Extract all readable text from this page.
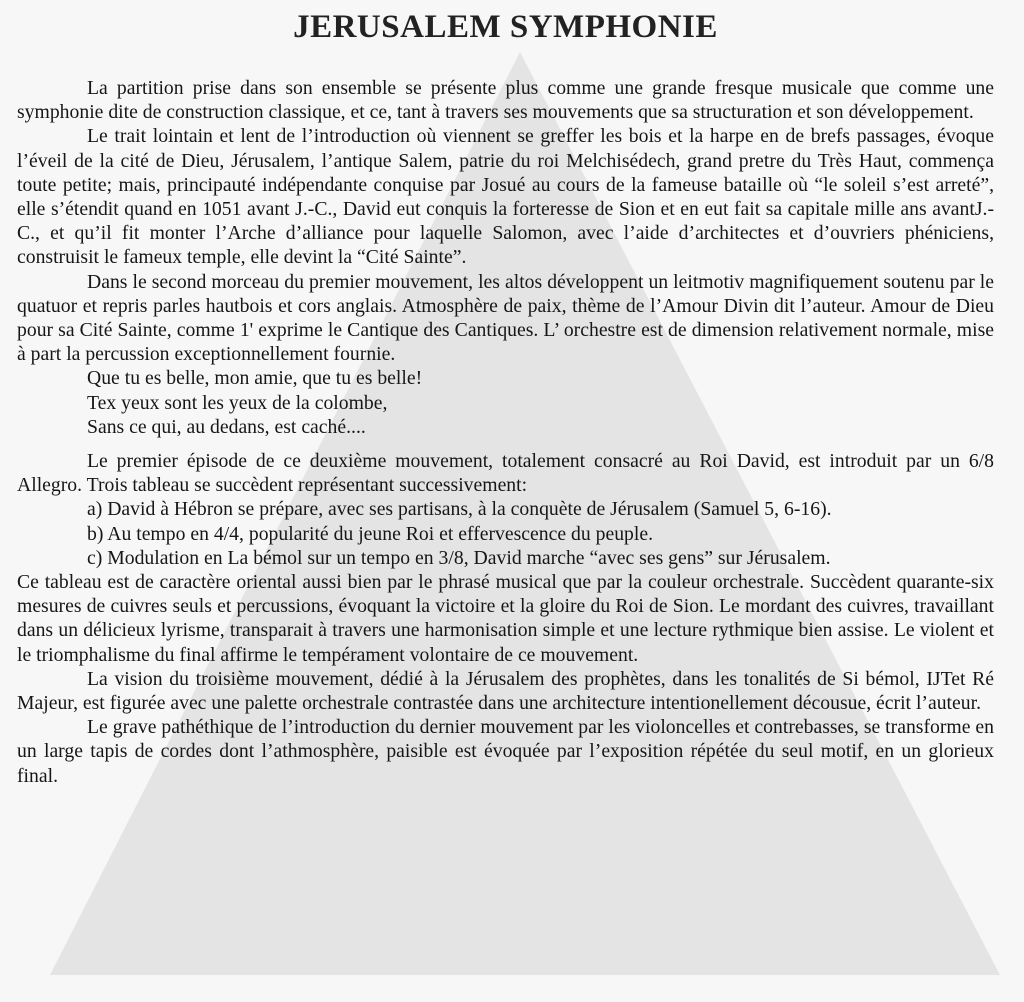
JERUSALEM SYMPHONIE

La partition prise dans son ensemble se présente plus comme une grande fresque musicale que comme une symphonie dite de construction classique, et ce, tant à travers ses mouvements que sa structuration et son développement.

Le trait lointain et lent de l’introduction où viennent se greffer les bois et la harpe en de brefs passages, évoque l’éveil de la cité de Dieu, Jérusalem, l’antique Salem, patrie du roi Melchisédech, grand pretre du Très Haut, commença toute petite; mais, principauté indépendante conquise par Josué au cours de la fameuse bataille où “le soleil s’est arreté”, elle s’étendit quand en 1051 avant J.-C., David eut conquis la forteresse de Sion et en eut fait sa capitale mille ans avantJ.-C., et qu’il fit monter l’Arche d’alliance pour laquelle Salomon, avec l’aide d’architectes et d’ouvriers phéniciens, construisit le fameux temple, elle devint la “Cité Sainte”.

Dans le second morceau du premier mouvement, les altos développent un leitmotiv magnifiquement soutenu par le quatuor et repris parles hautbois et cors anglais. Atmosphère de paix, thème de l’Amour Divin dit l’auteur. Amour de Dieu pour sa Cité Sainte, comme 1' exprime le Cantique des Cantiques. L’ orchestre est de dimension relativement normale, mise à part la percussion exceptionnellement fournie.

Que tu es belle, mon amie, que tu es belle!
Tex yeux sont les yeux de la colombe,
Sans ce qui, au dedans, est caché....

Le premier épisode de ce deuxième mouvement, totalement consacré au Roi David, est introduit par un 6/8 Allegro. Trois tableau se succèdent représentant successivement:

a) David à Hébron se prépare, avec ses partisans, à la conquète de Jérusalem (Samuel 5, 6-16).
b) Au tempo en 4/4, popularité du jeune Roi et effervescence du peuple.
c) Modulation en La bémol sur un tempo en 3/8, David marche “avec ses gens” sur Jérusalem.

Ce tableau est de caractère oriental aussi bien par le phrasé musical que par la couleur orchestrale. Succèdent quarante-six mesures de cuivres seuls et percussions, évoquant la victoire et la gloire du Roi de Sion. Le mordant des cuivres, travaillant dans un délicieux lyrisme, transparait à travers une harmonisation simple et une lecture rythmique bien assise. Le violent et le triomphalisme du final affirme le tempérament volontaire de ce mouvement.

La vision du troisième mouvement, dédié à la Jérusalem des prophètes, dans les tonalités de Si bémol, IJTet Ré Majeur, est figurée avec une palette orchestrale contrastée dans une architecture intentionellement décousue, écrit l’auteur.

Le grave pathéthique de l’introduction du dernier mouvement par les violoncelles et contrebasses, se transforme en un large tapis de cordes dont l’athmosphère, paisible est évoquée par l’exposition répétée du seul motif, en un glorieux final.
